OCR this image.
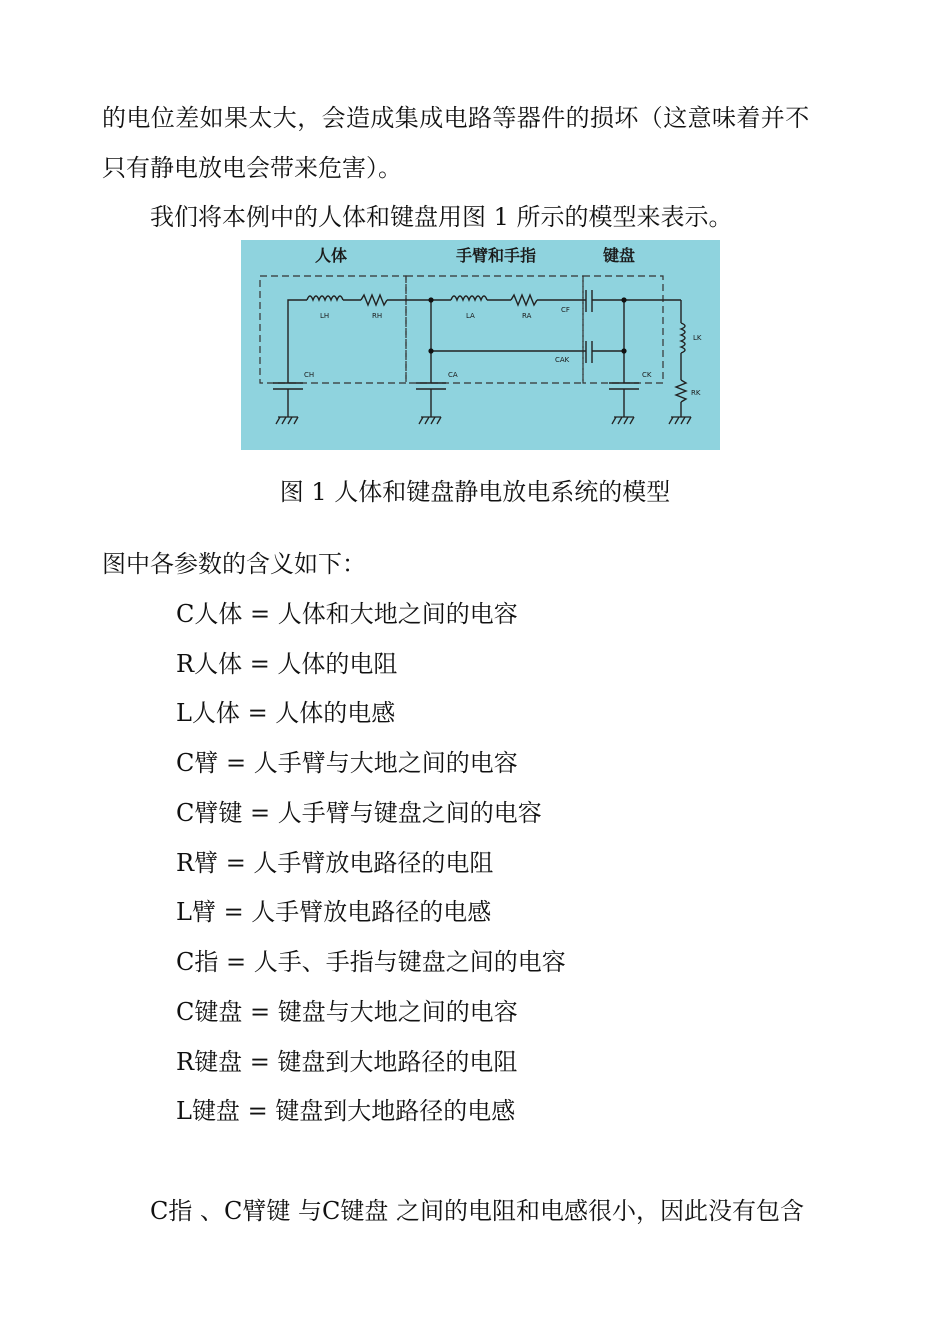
的电位差如果太大，会造成集成电路等器件的损坏（这意味着并不
只有静电放电会带来危害）。
我们将本例中的人体和键盘用图 1 所示的模型来表示。
人体	手臂和手指	键盘
LH	RH
CH
LA	RA
CA
CF
CAK
CK
LK
RK
图 1 人体和键盘静电放电系统的模型
图中各参数的含义如下：
C人体 = 人体和大地之间的电容
R人体 = 人体的电阻
L人体 = 人体的电感
C臂 = 人手臂与大地之间的电容
C臂键 = 人手臂与键盘之间的电容
R臂 = 人手臂放电路径的电阻
L臂 = 人手臂放电路径的电感
C指 = 人手、手指与键盘之间的电容
C键盘 = 键盘与大地之间的电容
R键盘 = 键盘到大地路径的电阻
L键盘 = 键盘到大地路径的电感
C指 、C臂键 与C键盘 之间的电阻和电感很小，因此没有包含
